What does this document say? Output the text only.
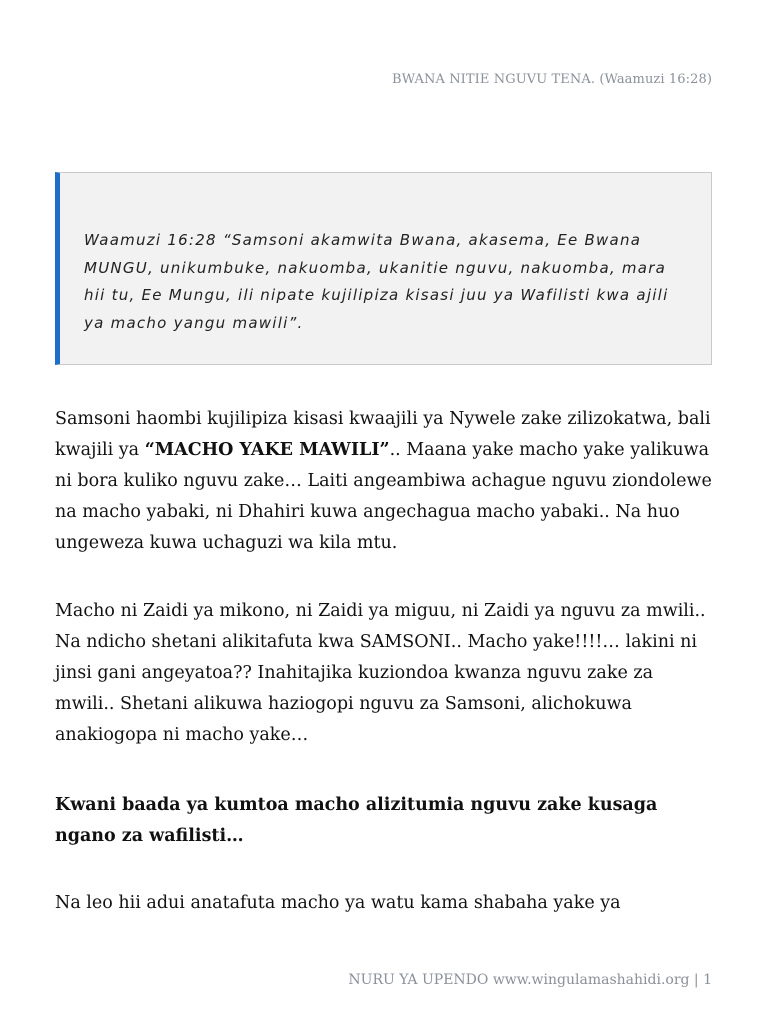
BWANA NITIE NGUVU TENA. (Waamuzi 16:28)

Waamuzi 16:28 “Samsoni akamwita Bwana, akasema, Ee Bwana MUNGU, unikumbuke, nakuomba, ukanitie nguvu, nakuomba, mara hii tu, Ee Mungu, ili nipate kujilipiza kisasi juu ya Wafilisti kwa ajili ya macho yangu mawili”.

Samsoni haombi kujilipiza kisasi kwaajili ya Nywele zake zilizokatwa, bali kwajili ya “MACHO YAKE MAWILI”.. Maana yake macho yake yalikuwa ni bora kuliko nguvu zake… Laiti angeambiwa achague nguvu ziondolewe na macho yabaki, ni Dhahiri kuwa angechagua macho yabaki.. Na huo ungeweza kuwa uchaguzi wa kila mtu.

Macho ni Zaidi ya mikono, ni Zaidi ya miguu, ni Zaidi ya nguvu za mwili.. Na ndicho shetani alikitafuta kwa SAMSONI.. Macho yake!!!!… lakini ni jinsi gani angeyatoa?? Inahitajika kuziondoa kwanza nguvu zake za mwili.. Shetani alikuwa haziogopi nguvu za Samsoni, alichokuwa anakiogopa ni macho yake…

Kwani baada ya kumtoa macho alizitumia nguvu zake kusaga ngano za wafilisti…

Na leo hii adui anatafuta macho ya watu kama shabaha yake ya

NURU YA UPENDO www.wingulamashahidi.org | 1
